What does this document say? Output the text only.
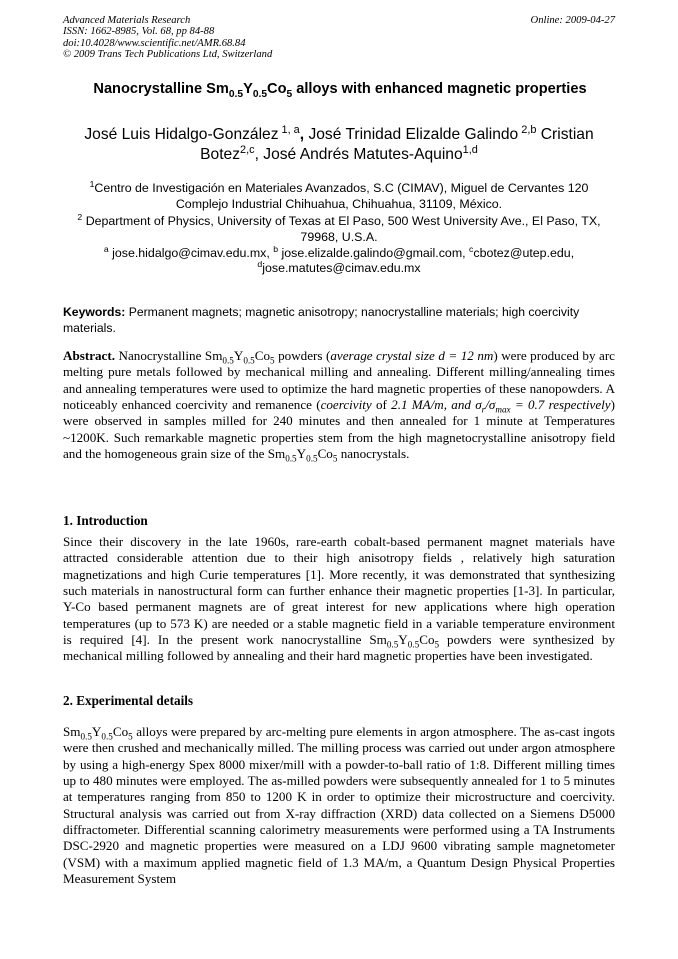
Advanced Materials Research
ISSN: 1662-8985, Vol. 68, pp 84-88
doi:10.4028/www.scientific.net/AMR.68.84
© 2009 Trans Tech Publications Ltd, Switzerland
Online: 2009-04-27
Nanocrystalline $Sm_{0.5}Y_{0.5}Co_5$ alloys with enhanced magnetic properties
José Luis Hidalgo-González $^{1, a}$, José Trinidad Elizalde Galindo $^{2,b}$ Cristian
Botez$^{2,c}$, José Andrés Matutes-Aquino$^{1,d}$

$^1$Centro de Investigación en Materiales Avanzados, S.C (CIMAV), Miguel de Cervantes 120

Complejo Industrial Chihuahua, Chihuahua, 31109, México.

$^2$ Department of Physics, University of Texas at El Paso, 500 West University Ave., El Paso, TX,

79968, U.S.A.

$^a$ jose.hidalgo@cimav.edu.mx, $^b$ jose.elizalde.galindo@gmail.com, $^c$cbotez@utep.edu,
$^d$jose.matutes@cimav.edu.mx
Keywords: Permanent magnets; magnetic anisotropy; nanocrystalline materials; high coercivity materials.
Abstract. Nanocrystalline $Sm_{0.5}Y_{0.5}Co_5$ powders (average crystal size d = 12 nm) were produced by arc melting pure metals followed by mechanical milling and annealing. Different milling/annealing times and annealing temperatures were used to optimize the hard magnetic properties of these nanopowders. A noticeably enhanced coercivity and remanence (coercivity of 2.1 MA/m, and $\sigma_r/\sigma_{max} = 0.7$ respectively) were observed in samples milled for 240 minutes and then annealed for 1 minute at Temperatures ~1200K. Such remarkable magnetic properties stem from the high magnetocrystalline anisotropy field and the homogeneous grain size of the $Sm_{0.5}Y_{0.5}Co_5$ nanocrystals.
1. Introduction
Since their discovery in the late 1960s, rare-earth cobalt-based permanent magnet materials have attracted considerable attention due to their high anisotropy fields , relatively high saturation magnetizations and high Curie temperatures [1]. More recently, it was demonstrated that synthesizing such materials in nanostructural form can further enhance their magnetic properties [1-3]. In particular, Y-Co based permanent magnets are of great interest for new applications where high operation temperatures (up to 573 K) are needed or a stable magnetic field in a variable temperature environment is required [4]. In the present work nanocrystalline $Sm_{0.5}Y_{0.5}Co_5$ powders were synthesized by mechanical milling followed by annealing and their hard magnetic properties have been investigated.
2. Experimental details
$Sm_{0.5}Y_{0.5}Co_5$ alloys were prepared by arc-melting pure elements in argon atmosphere. The as-cast ingots were then crushed and mechanically milled. The milling process was carried out under argon atmosphere by using a high-energy Spex 8000 mixer/mill with a powder-to-ball ratio of 1:8. Different milling times up to 480 minutes were employed. The as-milled powders were subsequently annealed for 1 to 5 minutes at temperatures ranging from 850 to 1200 K in order to optimize their microstructure and coercivity. Structural analysis was carried out from X-ray diffraction (XRD) data collected on a Siemens D5000 diffractometer. Differential scanning calorimetry measurements were performed using a TA Instruments DSC-2920 and magnetic properties were measured on a LDJ 9600 vibrating sample magnetometer (VSM) with a maximum applied magnetic field of 1.3 MA/m, a Quantum Design Physical Properties Measurement System
